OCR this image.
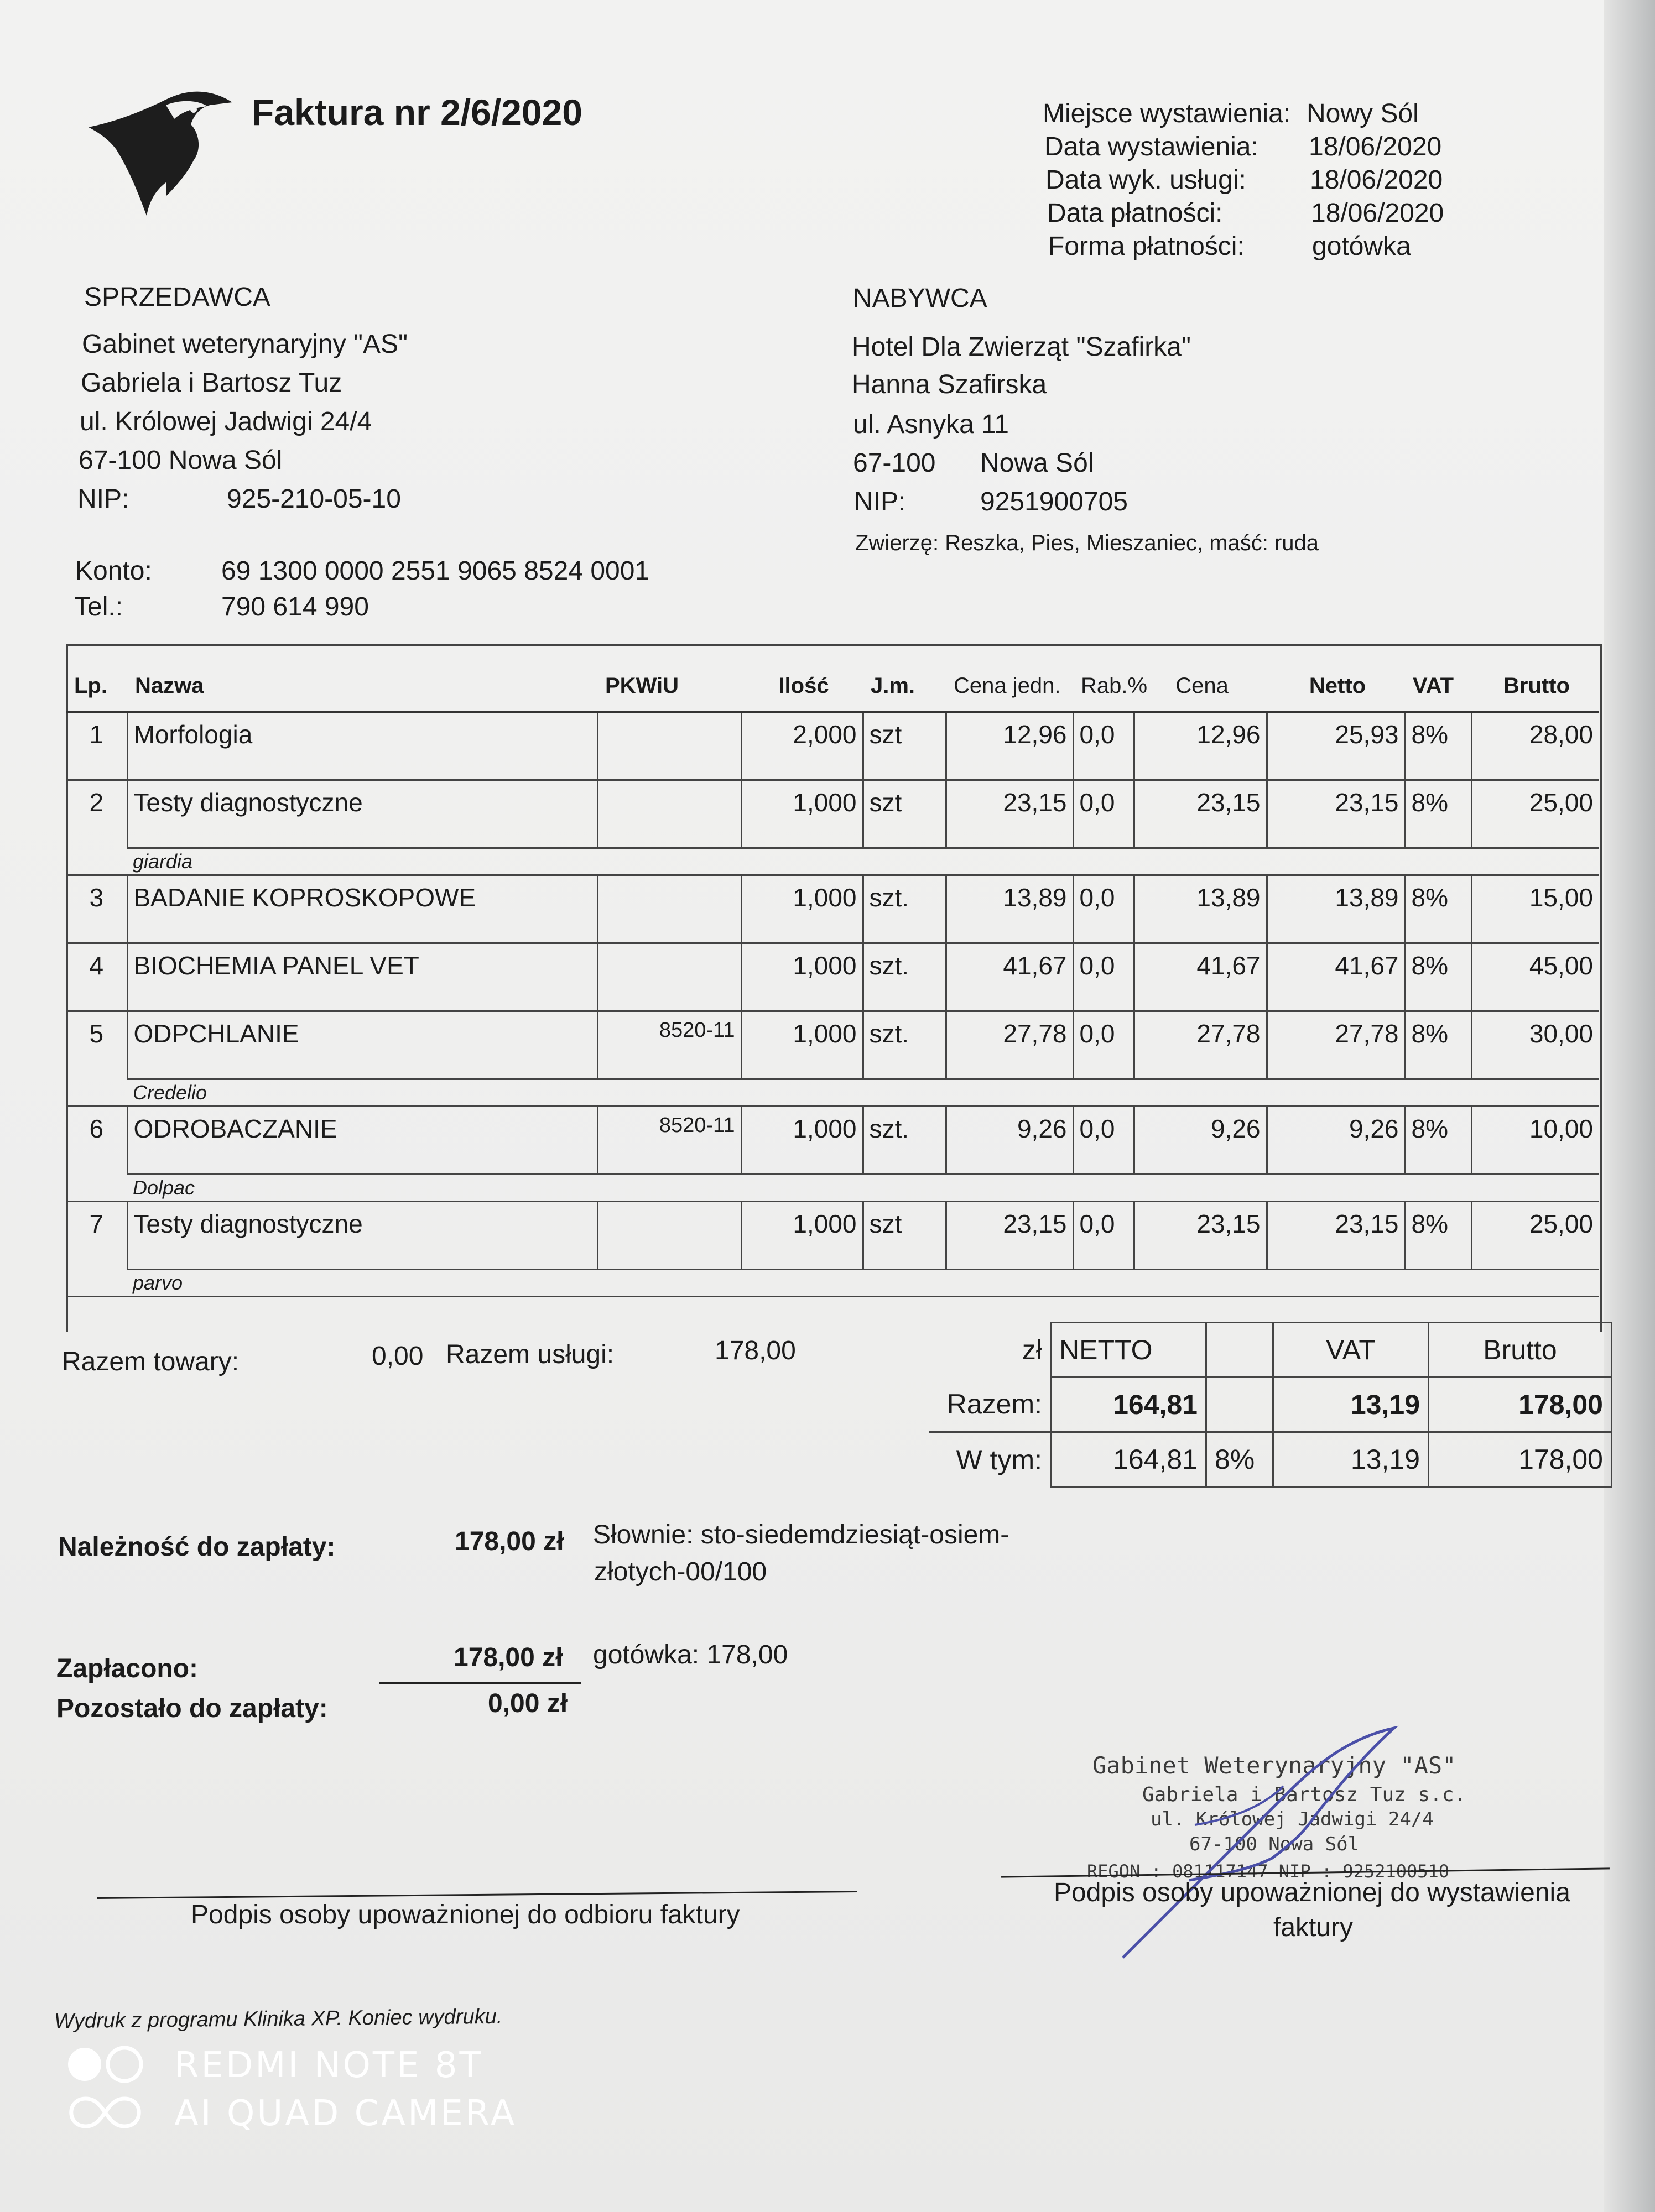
Faktura nr 2/6/2020	Miejsce wystawienia: Nowy Sól
Data wystawienia: 18/06/2020
Data wyk. usługi: 18/06/2020
Data płatności:	18/06/2020
Forma płatności:	gotówka
SPRZEDAWCA
Gabinet weterynaryjny "AS"
Gabriela i Bartosz Tuz
ul. Królowej Jadwigi 24/4
67-100 Nowa Sól
NIP:	925-210-05-10
Konto:	69 1300 0000 2551 9065 8524 0001
Tel.:	790 614 990
NABYWCA
Hotel Dla Zwierząt "Szafirka"
Hanna Szafirska
ul. Asnyka 11
67-100 Nowa Sól
NIP:	9251900705
Zwierzę: Reszka, Pies, Mieszaniec, maść: ruda
Lp.	Nazwa	PKWiU	Ilość	J.m.	Cena jedn.	Rab.%	Cena	Netto	VAT	Brutto
1	Morfologia		2,000	szt	12,96	0,0	12,96	25,93	8%	28,00
2	Testy diagnostyczne		1,000	szt	23,15	0,0	23,15	23,15	8%	25,00
	giardia									
3	BADANIE KOPROSKOPOWE		1,000	szt.	13,89	0,0	13,89	13,89	8%	15,00
4	BIOCHEMIA PANEL VET		1,000	szt.	41,67	0,0	41,67	41,67	8%	45,00
5	ODPCHLANIE	8520-11	1,000	szt.	27,78	0,0	27,78	27,78	8%	30,00
	Credelio									
6	ODROBACZANIE	8520-11	1,000	szt.	9,26	0,0	9,26	9,26	8%	10,00
	Dolpac									
7	Testy diagnostyczne		1,000	szt	23,15	0,0	23,15	23,15	8%	25,00
	parvo									
Razem towary:	0,00 Razem usługi:	178,00	zł	NETTO		VAT	Brutto
Razem:	164,81		13,19	178,00
W tym:	164,81	8%	13,19	178,00
Należność do zapłaty:	178,00 zł Słownie: sto-siedemdziesiąt-osiem-
złotych-00/100
Zapłacono:	178,00 zł gotówka: 178,00
Pozostało do zapłaty:	0,00 zł
Gabinet Weterynaryjny "AS"
Gabriela i Bartosz Tuz s.c.
ul. Królowej Jadwigi 24/4
67-100 Nowa Sól
REGON : 081117147 NIP : 9252100510
Podpis osoby upoważnionej do odbioru faktury
Podpis osoby upoważnionej do wystawienia
faktury
Wydruk z programu Klinika XP. Koniec wydruku.
REDMI NOTE 8T
AI QUAD CAMERA
